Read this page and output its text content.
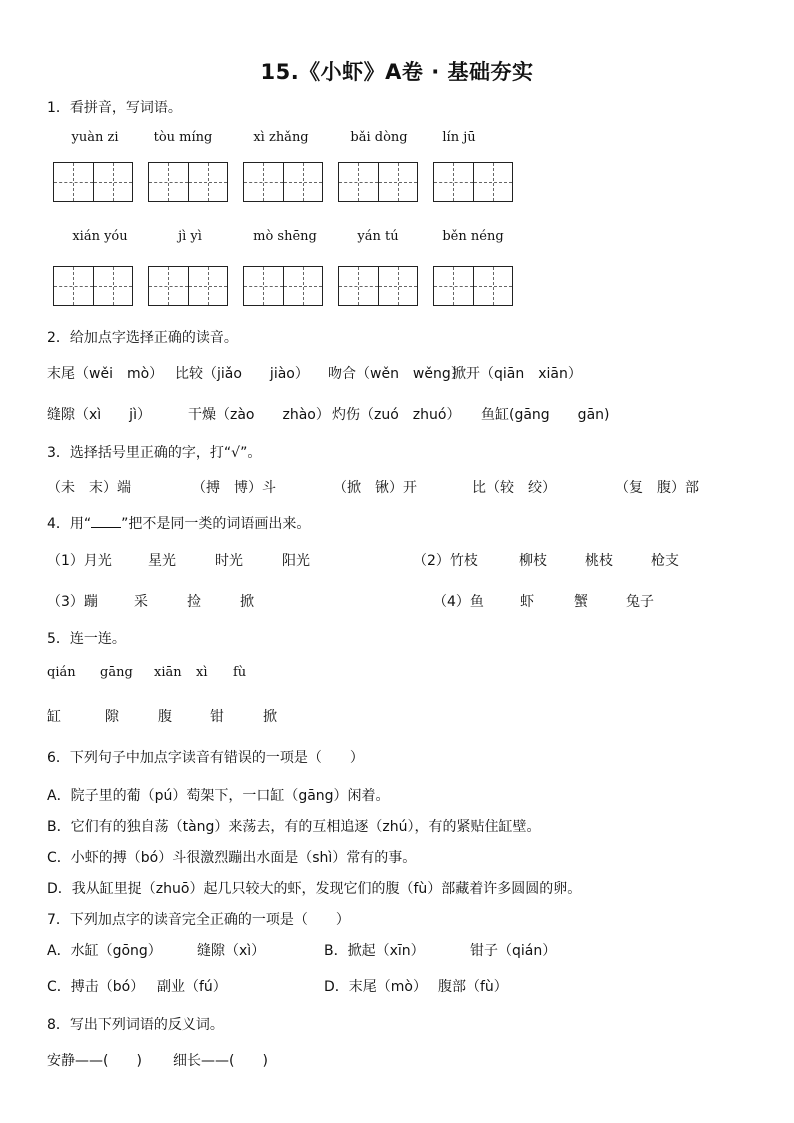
15.《小虾》A卷 · 基础夯实
1．看拼音，写词语。
yuàn zi	tòu míng	xì zhǎng	bǎi dòng	lín jū
xián yóu	jì yì	mò shēng	yán tú	běn néng
2．给加点字选择正确的读音。
末尾（wěi　mò） 比较（jiǎo　　jiào） 吻合（wěn　wěng）
掀开（qiān　xiān）
缝隙（xì　　jì）	干燥（zào　　zhào） 灼伤（zuó　zhuó） 鱼缸(gāng　　gān)
3．选择括号里正确的字，打“√”。
（未　末）端	（搏　博）斗	（掀　锹）开	比（较　绞）	（复　腹）部
4．用“ ”把不是同一类的词语画出来。
（1）月光	星光	时光	阳光	（2）竹枝	柳枝	桃枝	枪支
（3）蹦	采	捡	掀	（4）鱼	虾	蟹	兔子
5．连一连。
qián gāng xiān xì fù
缸	隙	腹	钳	掀
6．下列句子中加点字读音有错误的一项是（　　）
A．院子里的葡（pú）萄架下，一口缸（gāng）闲着。
B．它们有的独自荡（tàng）来荡去，有的互相追逐（zhú），有的紧贴住缸壁。
C．小虾的搏（bó）斗很激烈蹦出水面是（shì）常有的事。
D．我从缸里捉（zhuō）起几只较大的虾，发现它们的腹（fù）部藏着许多圆圆的卵。
7．下列加点字的读音完全正确的一项是（　　）
A．水缸（gōng）	缝隙（xì）	B．掀起（xīn）	钳子（qián）
C．搏击（bó） 副业（fú）	D．末尾（mò） 腹部（fù）
8．写出下列词语的反义词。
安静——(　　) 细长——(　　)
